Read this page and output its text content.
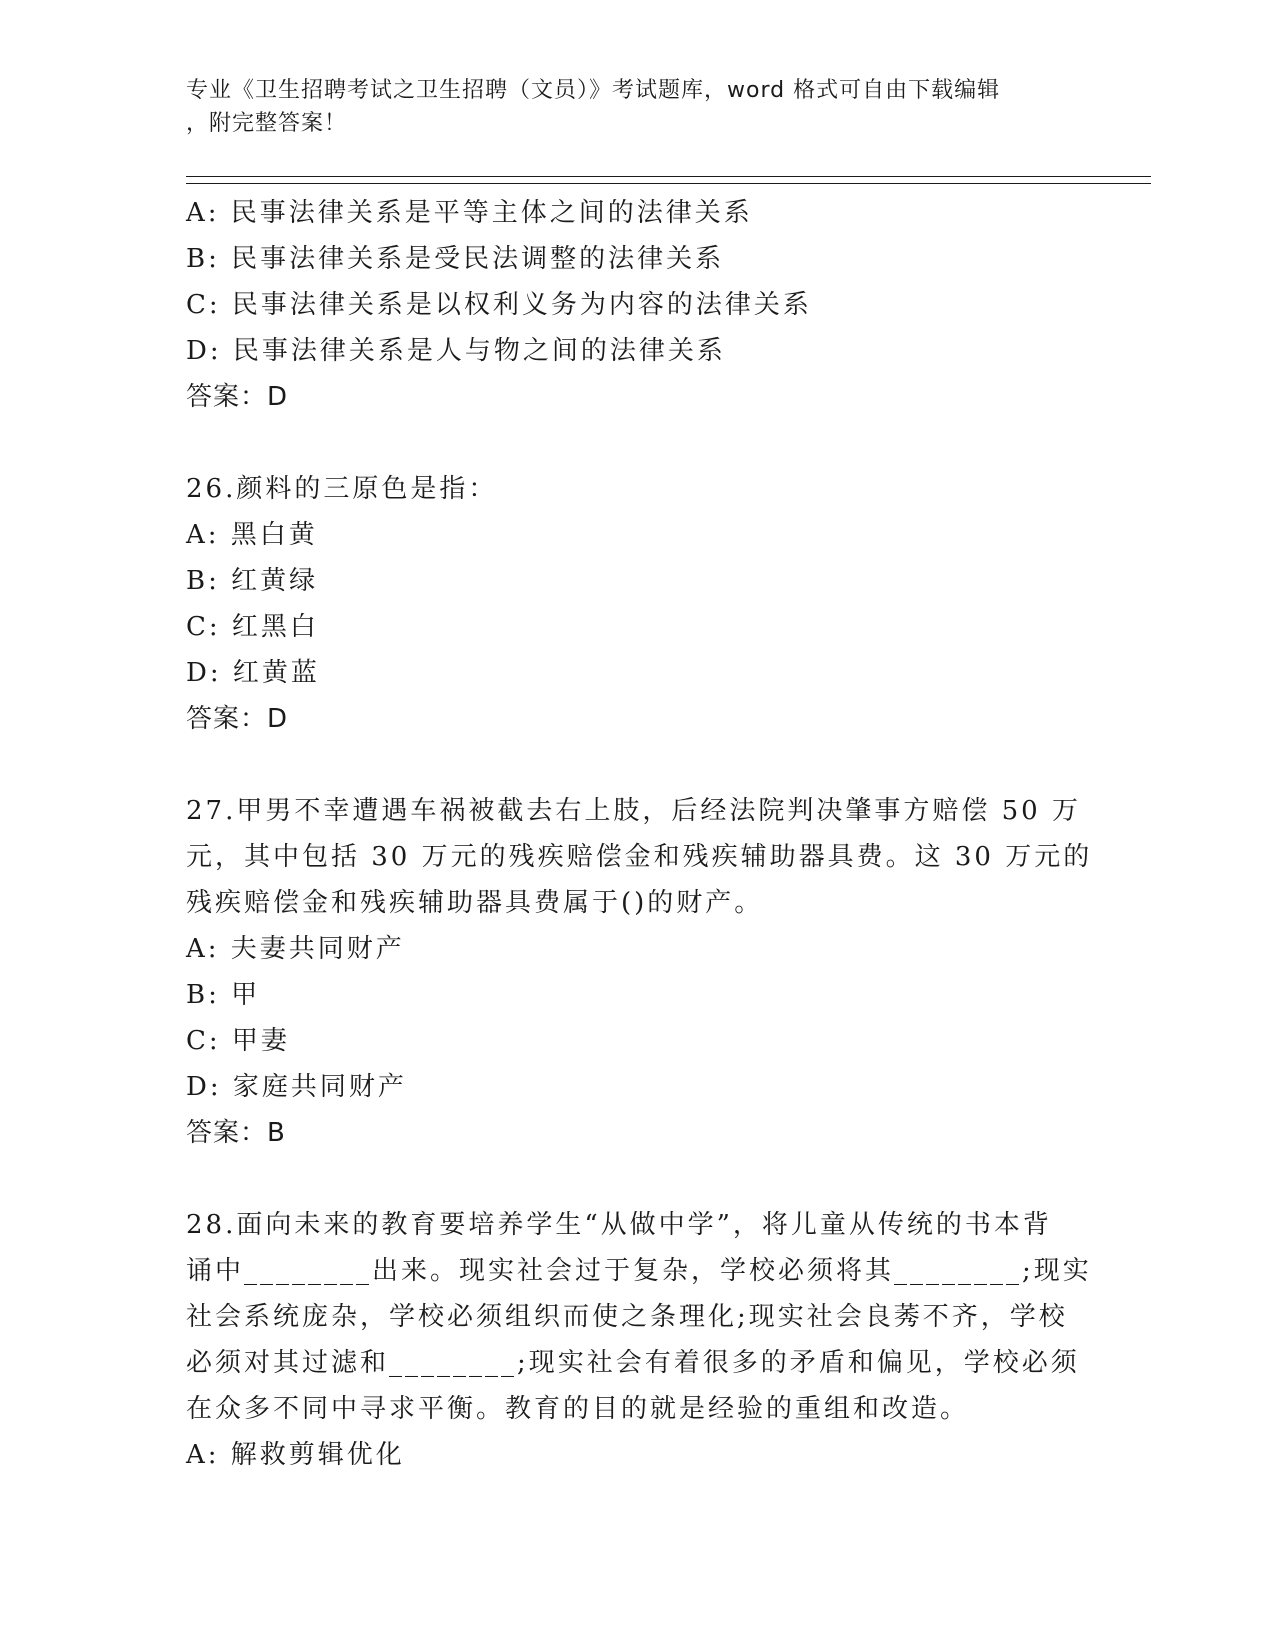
专业《卫生招聘考试之卫生招聘（文员）》考试题库，word 格式可自由下载编辑
，附完整答案！
A: 民事法律关系是平等主体之间的法律关系
B: 民事法律关系是受民法调整的法律关系
C: 民事法律关系是以权利义务为内容的法律关系
D: 民事法律关系是人与物之间的法律关系
答案：D
26.颜料的三原色是指：
A: 黑白黄
B: 红黄绿
C: 红黑白
D: 红黄蓝
答案：D
27.甲男不幸遭遇车祸被截去右上肢，后经法院判决肇事方赔偿 50 万
元，其中包括 30 万元的残疾赔偿金和残疾辅助器具费。这 30 万元的
残疾赔偿金和残疾辅助器具费属于()的财产。
A: 夫妻共同财产
B: 甲
C: 甲妻
D: 家庭共同财产
答案：B
28.面向未来的教育要培养学生“从做中学”，将儿童从传统的书本背
诵中________出来。现实社会过于复杂，学校必须将其________;现实
社会系统庞杂，学校必须组织而使之条理化;现实社会良莠不齐，学校
必须对其过滤和________;现实社会有着很多的矛盾和偏见，学校必须
在众多不同中寻求平衡。教育的目的就是经验的重组和改造。
A: 解救剪辑优化
